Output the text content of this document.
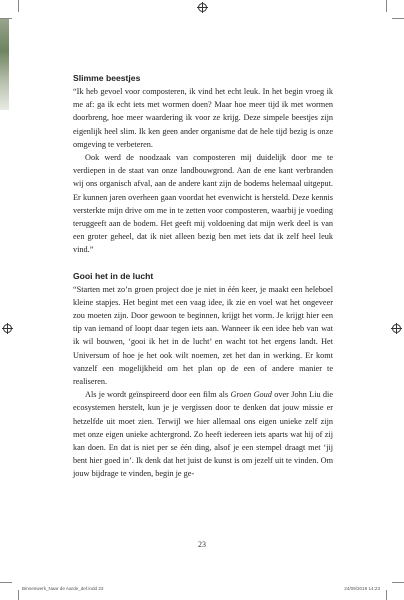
Slimme beestjes

“Ik heb gevoel voor composteren, ik vind het echt leuk. In het begin vroeg ik me af: ga ik echt iets met wormen doen? Maar hoe meer tijd ik met wormen doorbreng, hoe meer waardering ik voor ze krijg. Deze simpele beestjes zijn eigenlijk heel slim. Ik ken geen ander organisme dat de hele tijd bezig is onze omgeving te verbeteren.

Ook werd de noodzaak van composteren mij duidelijk door me te verdiepen in de staat van onze landbouwgrond. Aan de ene kant verbranden wij ons organisch afval, aan de andere kant zijn de bodems helemaal uitgeput. Er kunnen jaren overheen gaan voordat het evenwicht is hersteld. Deze kennis versterkte mijn drive om me in te zetten voor composteren, waarbij je voeding teruggeeft aan de bodem. Het geeft mij voldoening dat mijn werk deel is van een groter geheel, dat ik niet alleen bezig ben met iets dat ik zelf heel leuk vind.”

Gooi het in de lucht

“Starten met zo’n groen project doe je niet in één keer, je maakt een heleboel kleine stapjes. Het begint met een vaag idee, ik zie en voel wat het ongeveer zou moeten zijn. Door gewoon te beginnen, krijgt het vorm. Je krijgt hier een tip van iemand of loopt daar tegen iets aan. Wanneer ik een idee heb van wat ik wil bouwen, ‘gooi ik het in de lucht’ en wacht tot het ergens landt. Het Universum of hoe je het ook wilt noemen, zet het dan in werking. Er komt vanzelf een mogelijkheid om het plan op de een of andere manier te realiseren.

Als je wordt geïnspireerd door een film als Groen Goud over John Liu die ecosystemen herstelt, kun je je vergissen door te denken dat jouw missie er hetzelfde uit moet zien. Terwijl we hier allemaal ons eigen unieke zelf zijn met onze eigen unieke achtergrond. Zo heeft iedereen iets aparts wat hij of zij kan doen. En dat is niet per se één ding, alsof je een stempel draagt met ‘jij bent hier goed in’. Ik denk dat het juist de kunst is om jezelf uit te vinden. Om jouw bijdrage te vinden, begin je ge-

23
Binnenwerk_Naar de Aarde_def.indd 23	24/09/2019 14:23
